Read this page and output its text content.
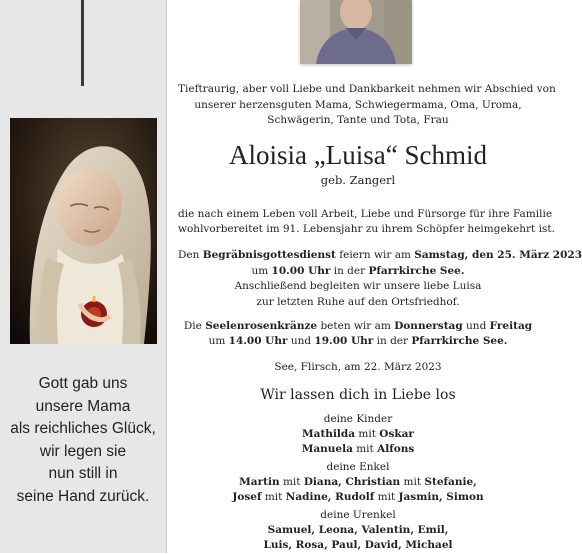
Gott gab uns
unsere Mama
als reichliches Glück,
wir legen sie
nun still in
seine Hand zurück.
Tieftraurig, aber voll Liebe und Dankbarkeit nehmen wir Abschied von
unserer herzensguten Mama, Schwiegermama, Oma, Uroma,
Schwägerin, Tante und Tota, Frau
Aloisia „Luisa“ Schmid
geb. Zangerl
die nach einem Leben voll Arbeit, Liebe und Fürsorge für ihre Familie
wohlvorbereitet im 91. Lebensjahr zu ihrem Schöpfer heimgekehrt ist.
Den Begräbnisgottesdienst feiern wir am Samstag, den 25. März 2023
um 10.00 Uhr in der Pfarrkirche See.
Anschließend begleiten wir unsere liebe Luisa
zur letzten Ruhe auf den Ortsfriedhof.
Die Seelenrosenkränze beten wir am Donnerstag und Freitag
um 14.00 Uhr und 19.00 Uhr in der Pfarrkirche See.
See, Flirsch, am 22. März 2023
Wir lassen dich in Liebe los
deine Kinder
Mathilda mit Oskar
Manuela mit Alfons
deine Enkel
Martin mit Diana, Christian mit Stefanie,
Josef mit Nadine, Rudolf mit Jasmin, Simon
deine Urenkel
Samuel, Leona, Valentin, Emil,
Luis, Rosa, Paul, David, Michael
